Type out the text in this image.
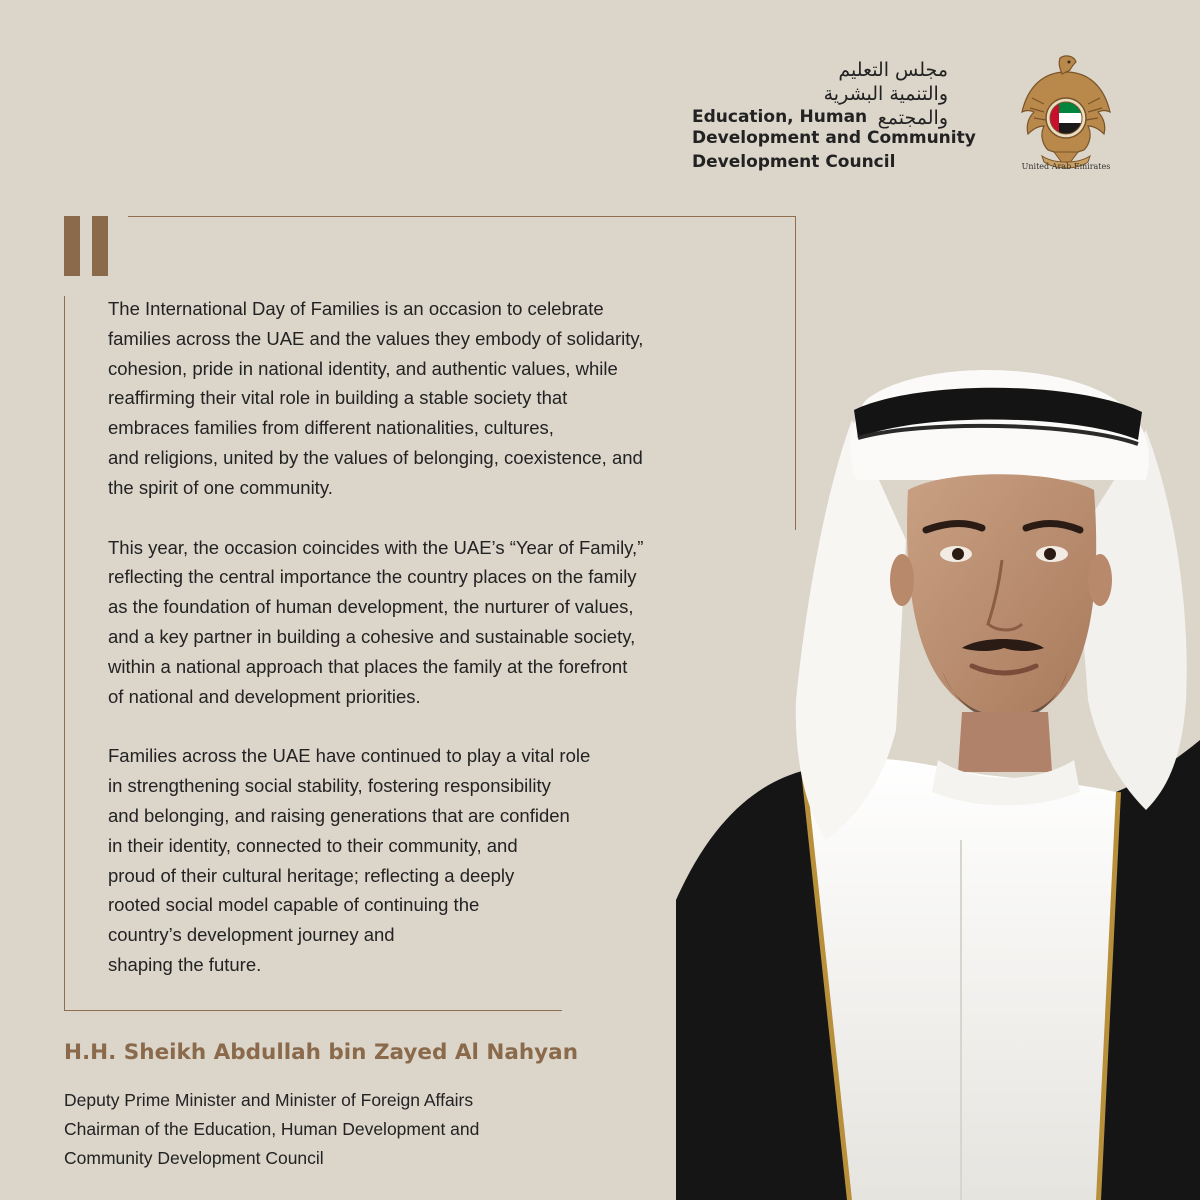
مجلس التعليم
والتنمية البشرية
والمجتمع
Education, Human
Development and Community
Development Council	United Arab Emirates

The International Day of Families is an occasion to celebrate
families across the UAE and the values they embody of solidarity,
cohesion, pride in national identity, and authentic values, while
reaffirming their vital role in building a stable society that
embraces families from different nationalities, cultures,
and religions, united by the values of belonging, coexistence, and
the spirit of one community.

This year, the occasion coincides with the UAE’s “Year of Family,”
reflecting the central importance the country places on the family
as the foundation of human development, the nurturer of values,
and a key partner in building a cohesive and sustainable society,
within a national approach that places the family at the forefront
of national and development priorities.

Families across the UAE have continued to play a vital role
in strengthening social stability, fostering responsibility
and belonging, and raising generations that are confiden
in their identity, connected to their community, and
proud of their cultural heritage; reflecting a deeply
rooted social model capable of continuing the
country’s development journey and
shaping the future.

H.H. Sheikh Abdullah bin Zayed Al Nahyan
Deputy Prime Minister and Minister of Foreign Affairs
Chairman of the Education, Human Development and
Community Development Council
